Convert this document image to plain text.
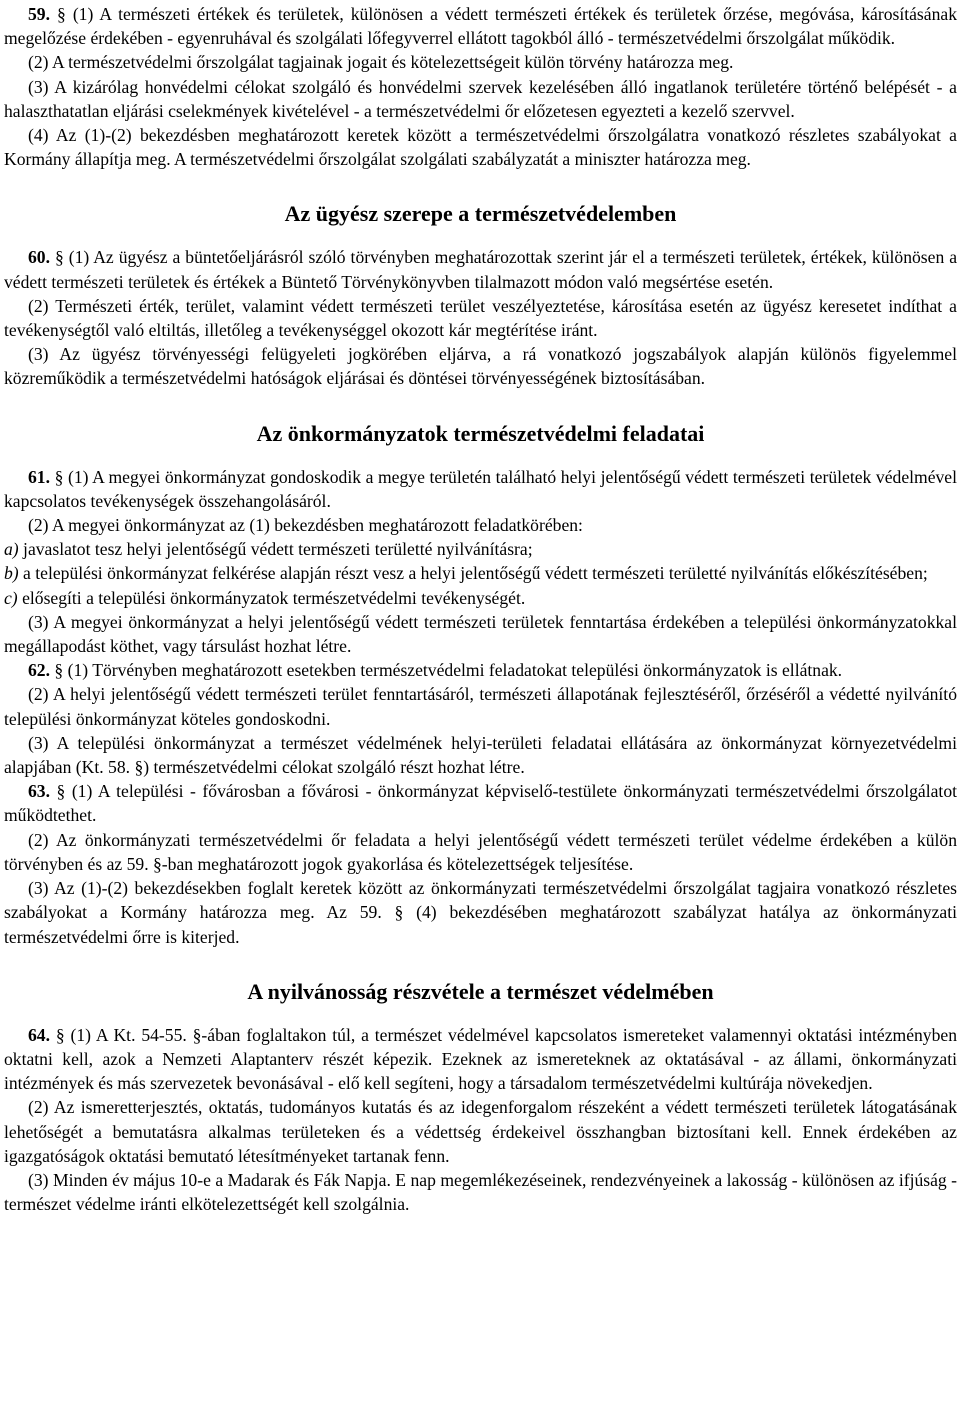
59. § (1) A természeti értékek és területek, különösen a védett természeti értékek és területek őrzése, megóvása, károsításának megelőzése érdekében - egyenruhával és szolgálati lőfegyverrel ellátott tagokból álló - természetvédelmi őrszolgálat működik.

(2) A természetvédelmi őrszolgálat tagjainak jogait és kötelezettségeit külön törvény határozza meg.

(3) A kizárólag honvédelmi célokat szolgáló és honvédelmi szervek kezelésében álló ingatlanok területére történő belépését - a halaszthatatlan eljárási cselekmények kivételével - a természetvédelmi őr előzetesen egyezteti a kezelő szervvel.

(4) Az (1)-(2) bekezdésben meghatározott keretek között a természetvédelmi őrszolgálatra vonatkozó részletes szabályokat a Kormány állapítja meg. A természetvédelmi őrszolgálat szolgálati szabályzatát a miniszter határozza meg.

Az ügyész szerepe a természetvédelemben

60. § (1) Az ügyész a büntetőeljárásról szóló törvényben meghatározottak szerint jár el a természeti területek, értékek, különösen a védett természeti területek és értékek a Büntető Törvénykönyvben tilalmazott módon való megsértése esetén.

(2) Természeti érték, terület, valamint védett természeti terület veszélyeztetése, károsítása esetén az ügyész keresetet indíthat a tevékenységtől való eltiltás, illetőleg a tevékenységgel okozott kár megtérítése iránt.

(3) Az ügyész törvényességi felügyeleti jogkörében eljárva, a rá vonatkozó jogszabályok alapján különös figyelemmel közreműködik a természetvédelmi hatóságok eljárásai és döntései törvényességének biztosításában.

Az önkormányzatok természetvédelmi feladatai

61. § (1) A megyei önkormányzat gondoskodik a megye területén található helyi jelentőségű védett természeti területek védelmével kapcsolatos tevékenységek összehangolásáról.

(2) A megyei önkormányzat az (1) bekezdésben meghatározott feladatkörében:

a) javaslatot tesz helyi jelentőségű védett természeti területté nyilvánításra;

b) a települési önkormányzat felkérése alapján részt vesz a helyi jelentőségű védett természeti területté nyilvánítás előkészítésében;

c) elősegíti a települési önkormányzatok természetvédelmi tevékenységét.

(3) A megyei önkormányzat a helyi jelentőségű védett természeti területek fenntartása érdekében a települési önkormányzatokkal megállapodást köthet, vagy társulást hozhat létre.

62. § (1) Törvényben meghatározott esetekben természetvédelmi feladatokat települési önkormányzatok is ellátnak.

(2) A helyi jelentőségű védett természeti terület fenntartásáról, természeti állapotának fejlesztéséről, őrzéséről a védetté nyilvánító települési önkormányzat köteles gondoskodni.

(3) A települési önkormányzat a természet védelmének helyi-területi feladatai ellátására az önkormányzat környezetvédelmi alapjában (Kt. 58. §) természetvédelmi célokat szolgáló részt hozhat létre.

63. § (1) A települési - fővárosban a fővárosi - önkormányzat képviselő-testülete önkormányzati természetvédelmi őrszolgálatot működtethet.

(2) Az önkormányzati természetvédelmi őr feladata a helyi jelentőségű védett természeti terület védelme érdekében a külön törvényben és az 59. §-ban meghatározott jogok gyakorlása és kötelezettségek teljesítése.

(3) Az (1)-(2) bekezdésekben foglalt keretek között az önkormányzati természetvédelmi őrszolgálat tagjaira vonatkozó részletes szabályokat a Kormány határozza meg. Az 59. § (4) bekezdésében meghatározott szabályzat hatálya az önkormányzati természetvédelmi őrre is kiterjed.

A nyilvánosság részvétele a természet védelmében

64. § (1) A Kt. 54-55. §-ában foglaltakon túl, a természet védelmével kapcsolatos ismereteket valamennyi oktatási intézményben oktatni kell, azok a Nemzeti Alaptanterv részét képezik. Ezeknek az ismereteknek az oktatásával - az állami, önkormányzati intézmények és más szervezetek bevonásával - elő kell segíteni, hogy a társadalom természetvédelmi kultúrája növekedjen.

(2) Az ismeretterjesztés, oktatás, tudományos kutatás és az idegenforgalom részeként a védett természeti területek látogatásának lehetőségét a bemutatásra alkalmas területeken és a védettség érdekeivel összhangban biztosítani kell. Ennek érdekében az igazgatóságok oktatási bemutató létesítményeket tartanak fenn.

(3) Minden év május 10-e a Madarak és Fák Napja. E nap megemlékezéseinek, rendezvényeinek a lakosság - különösen az ifjúság - természet védelme iránti elkötelezettségét kell szolgálnia.
